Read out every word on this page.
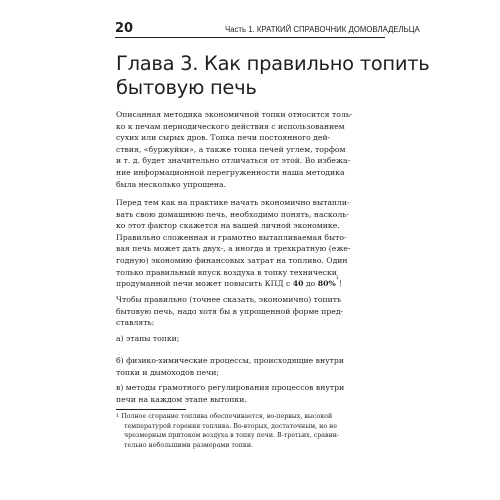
20	Часть 1. КРАТКИЙ СПРАВОЧНИК ДОМОВЛАДЕЛЬЦА
Глава 3. Как правильно топить
бытовую печь
Описанная методика экономичной топки относится толь-
ко к печам периодического действия с использованием
сухих или сырых дров. Топка печи постоянного дей-
ствия, «буржуйки», а также топка печей углем, торфом
и т. д. будет значительно отличаться от этой. Во избежа-
ние информационной перегруженности наша методика
была несколько упрощена.
Перед тем как на практике начать экономично вытапли-
вать свою домашнюю печь, необходимо понять, насколь-
ко этот фактор скажется на вашей личной экономике.
Правильно сложенная и грамотно вытапливаемая быто-
вая печь может дать двух-, а иногда и трехкратную (еже-
годную) экономию финансовых затрат на топливо. Один
только правильный впуск воздуха в топку технически
продуманной печи может повысить КПД с 40 до 80%$^1$!
Чтобы правильно (точнее сказать, экономично) топить
бытовую печь, надо хотя бы в упрощенной форме пред-
ставлять:
а) этапы топки;
б) физико-химические процессы, происходящие внутри
топки и дымоходов печи;
в) методы грамотного регулирования процессов внутри
печи на каждом этапе вытопки.
$^1$ Полное сгорание топлива обеспечивается, во-первых, высокой
температурой горения топлива. Во-вторых, достаточным, но не
чрезмерным притоком воздуха в топку печи. В-третьих, сравни-
тельно небольшими размерами топки.
